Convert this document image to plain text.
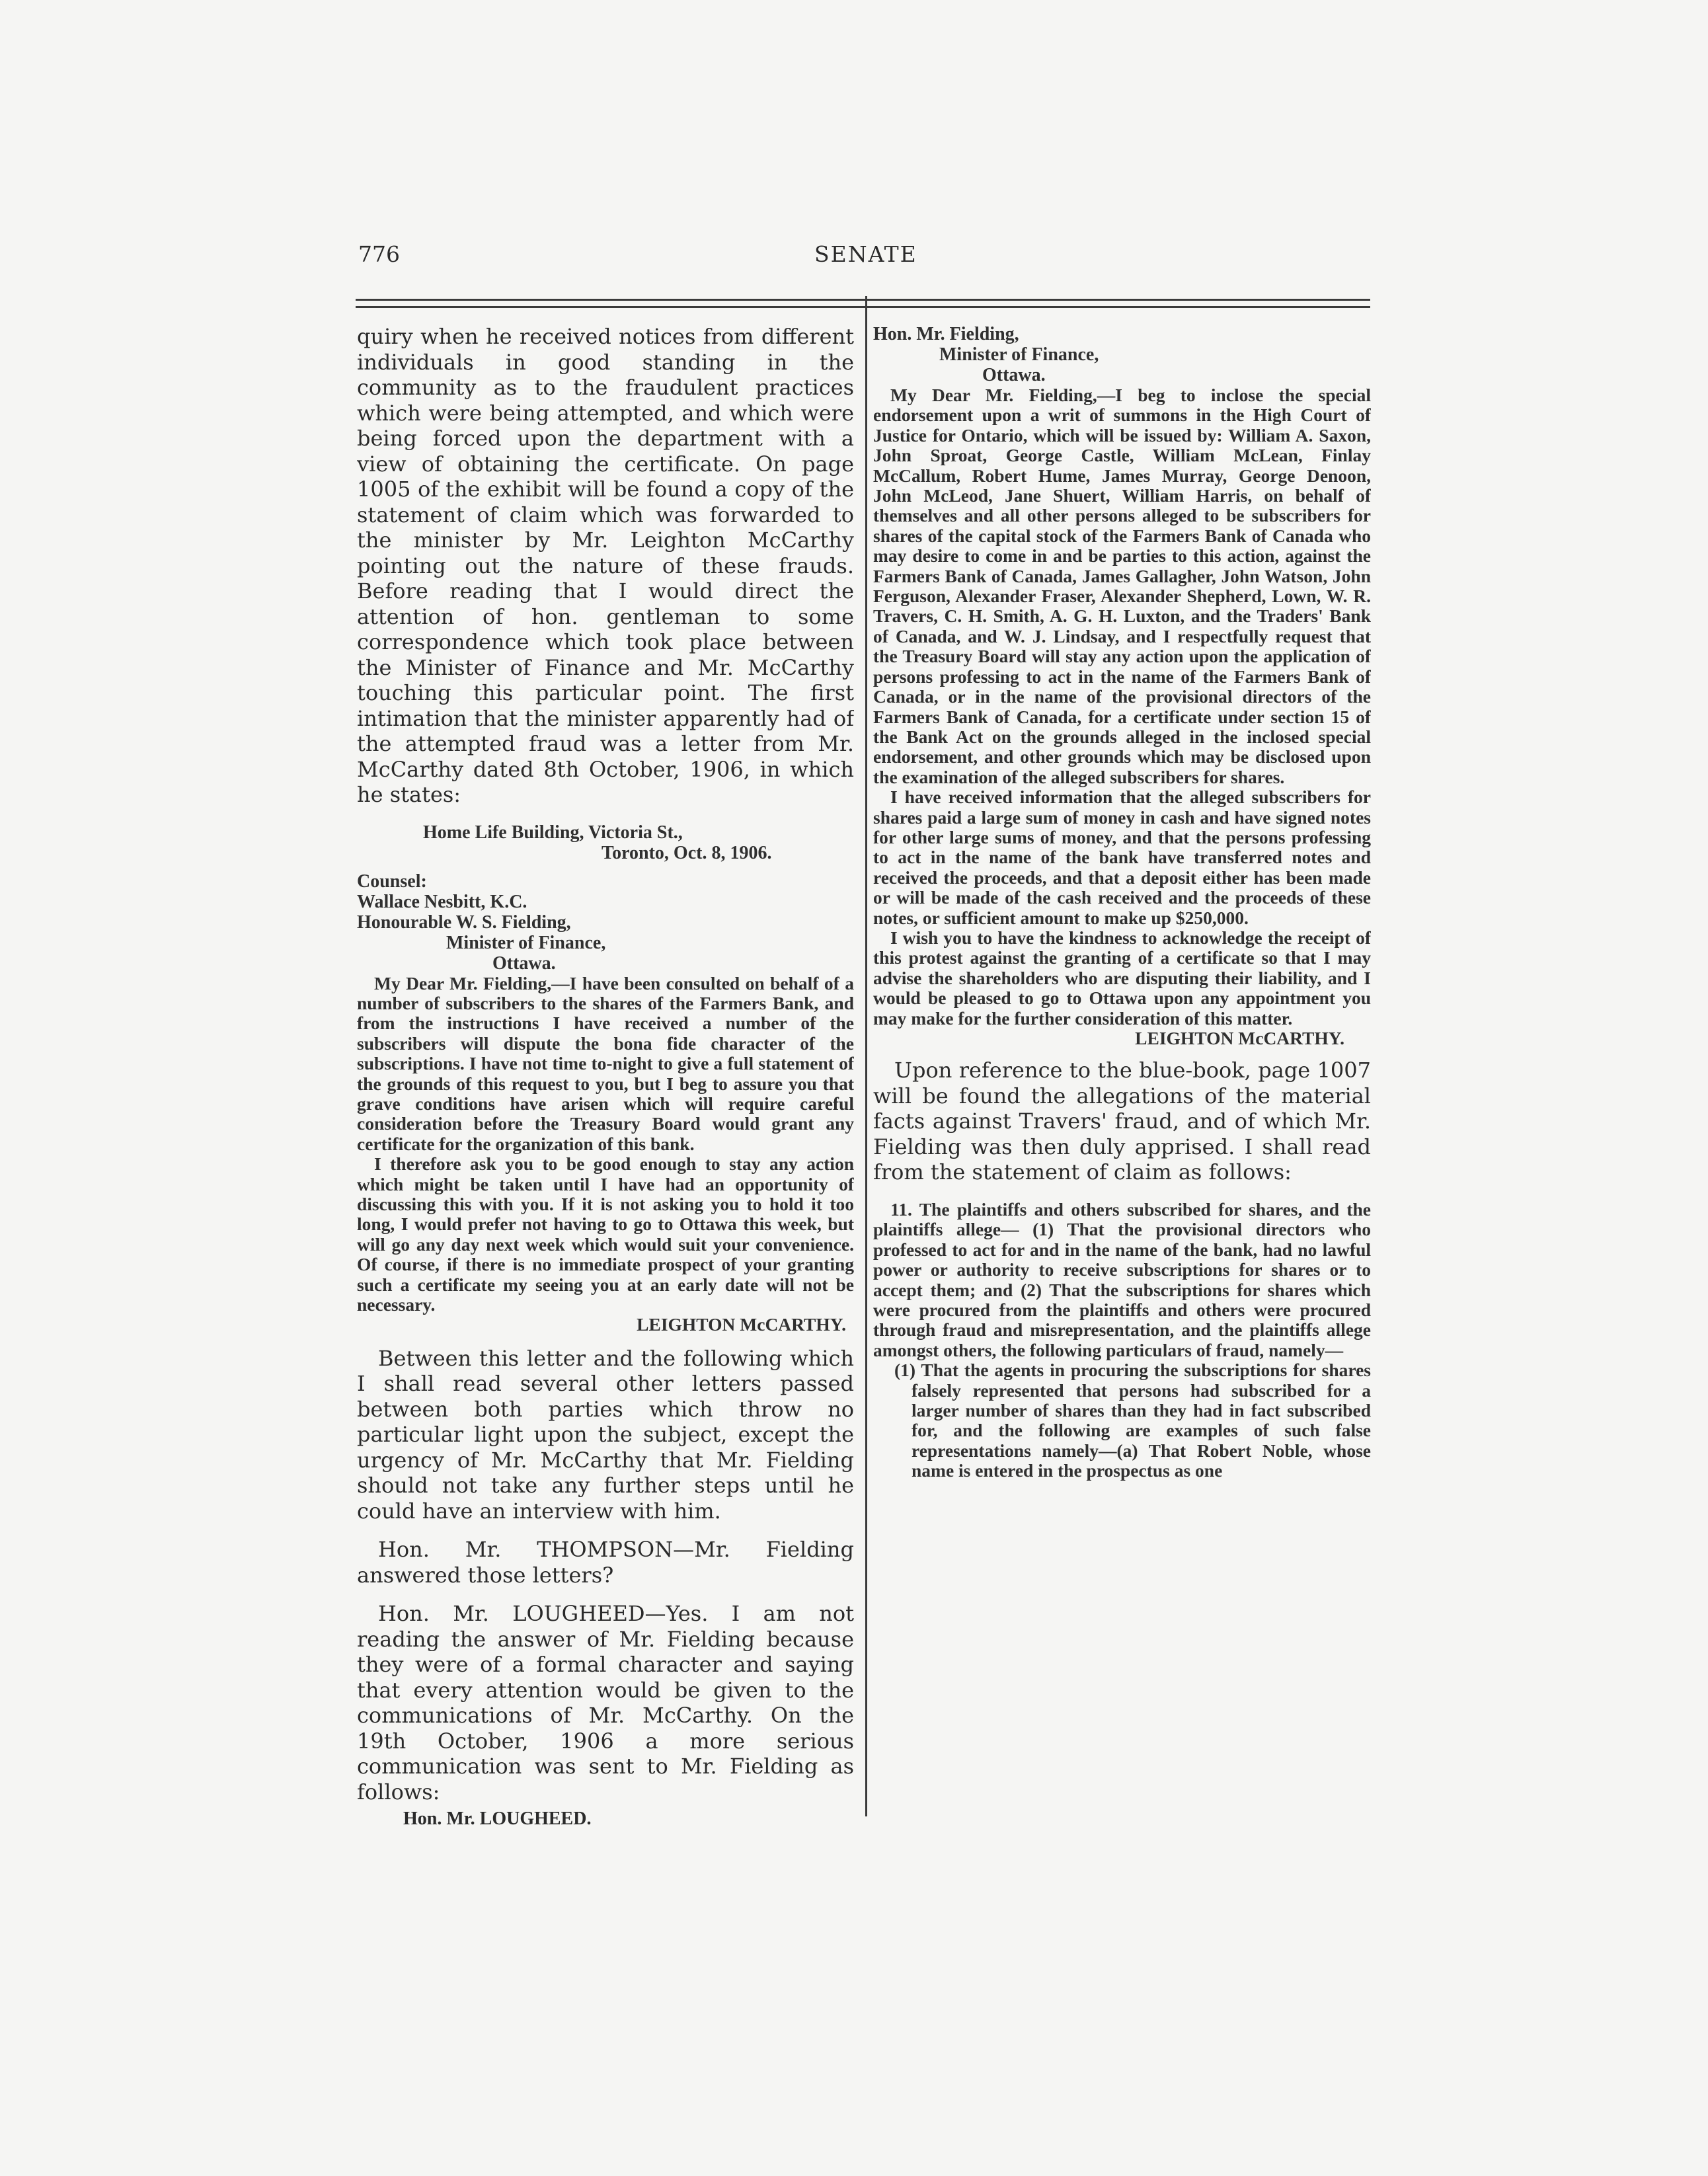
776	SENATE

quiry when he received notices from different individuals in good standing in the community as to the fraudulent practices which were being attempted, and which were being forced upon the department with a view of obtaining the certificate. On page 1005 of the exhibit will be found a copy of the statement of claim which was forwarded to the minister by Mr. Leighton McCarthy pointing out the nature of these frauds. Before reading that I would direct the attention of hon. gentleman to some correspondence which took place between the Minister of Finance and Mr. McCarthy touching this particular point. The first intimation that the minister apparently had of the attempted fraud was a letter from Mr. McCarthy dated 8th October, 1906, in which he states:

Home Life Building, Victoria St.,

Toronto, Oct. 8, 1906.

Counsel:

Wallace Nesbitt, K.C.

Honourable W. S. Fielding,

Minister of Finance,

Ottawa.

My Dear Mr. Fielding,—I have been consulted on behalf of a number of subscribers to the shares of the Farmers Bank, and from the instructions I have received a number of the subscribers will dispute the bona fide character of the subscriptions. I have not time to-night to give a full statement of the grounds of this request to you, but I beg to assure you that grave conditions have arisen which will require careful consideration before the Treasury Board would grant any certificate for the organization of this bank.

I therefore ask you to be good enough to stay any action which might be taken until I have had an opportunity of discussing this with you. If it is not asking you to hold it too long, I would prefer not having to go to Ottawa this week, but will go any day next week which would suit your convenience. Of course, if there is no immediate prospect of your granting such a certificate my seeing you at an early date will not be necessary.

LEIGHTON McCARTHY.

Between this letter and the following which I shall read several other letters passed between both parties which throw no particular light upon the subject, except the urgency of Mr. McCarthy that Mr. Fielding should not take any further steps until he could have an interview with him.

Hon. Mr. THOMPSON—Mr. Fielding answered those letters?

Hon. Mr. LOUGHEED—Yes. I am not reading the answer of Mr. Fielding because they were of a formal character and saying that every attention would be given to the communications of Mr. McCarthy. On the 19th October, 1906 a more serious communication was sent to Mr. Fielding as follows:

Hon. Mr. LOUGHEED.

Hon. Mr. Fielding,

Minister of Finance,

Ottawa.

My Dear Mr. Fielding,—I beg to inclose the special endorsement upon a writ of summons in the High Court of Justice for Ontario, which will be issued by: William A. Saxon, John Sproat, George Castle, William McLean, Finlay McCallum, Robert Hume, James Murray, George Denoon, John McLeod, Jane Shuert, William Harris, on behalf of themselves and all other persons alleged to be subscribers for shares of the capital stock of the Farmers Bank of Canada who may desire to come in and be parties to this action, against the Farmers Bank of Canada, James Gallagher, John Watson, John Ferguson, Alexander Fraser, Alexander Shepherd, Lown, W. R. Travers, C. H. Smith, A. G. H. Luxton, and the Traders' Bank of Canada, and W. J. Lindsay, and I respectfully request that the Treasury Board will stay any action upon the application of persons professing to act in the name of the Farmers Bank of Canada, or in the name of the provisional directors of the Farmers Bank of Canada, for a certificate under section 15 of the Bank Act on the grounds alleged in the inclosed special endorsement, and other grounds which may be disclosed upon the examination of the alleged subscribers for shares.

I have received information that the alleged subscribers for shares paid a large sum of money in cash and have signed notes for other large sums of money, and that the persons professing to act in the name of the bank have transferred notes and received the proceeds, and that a deposit either has been made or will be made of the cash received and the proceeds of these notes, or sufficient amount to make up $250,000.

I wish you to have the kindness to acknowledge the receipt of this protest against the granting of a certificate so that I may advise the shareholders who are disputing their liability, and I would be pleased to go to Ottawa upon any appointment you may make for the further consideration of this matter.

LEIGHTON McCARTHY.

Upon reference to the blue-book, page 1007 will be found the allegations of the material facts against Travers' fraud, and of which Mr. Fielding was then duly apprised. I shall read from the statement of claim as follows:

11. The plaintiffs and others subscribed for shares, and the plaintiffs allege— (1) That the provisional directors who professed to act for and in the name of the bank, had no lawful power or authority to receive subscriptions for shares or to accept them; and (2) That the subscriptions for shares which were procured from the plaintiffs and others were procured through fraud and misrepresentation, and the plaintiffs allege amongst others, the following particulars of fraud, namely—

(1) That the agents in procuring the subscriptions for shares falsely represented that persons had subscribed for a larger number of shares than they had in fact subscribed for, and the following are examples of such false representations namely—(a) That Robert Noble, whose name is entered in the prospectus as one
